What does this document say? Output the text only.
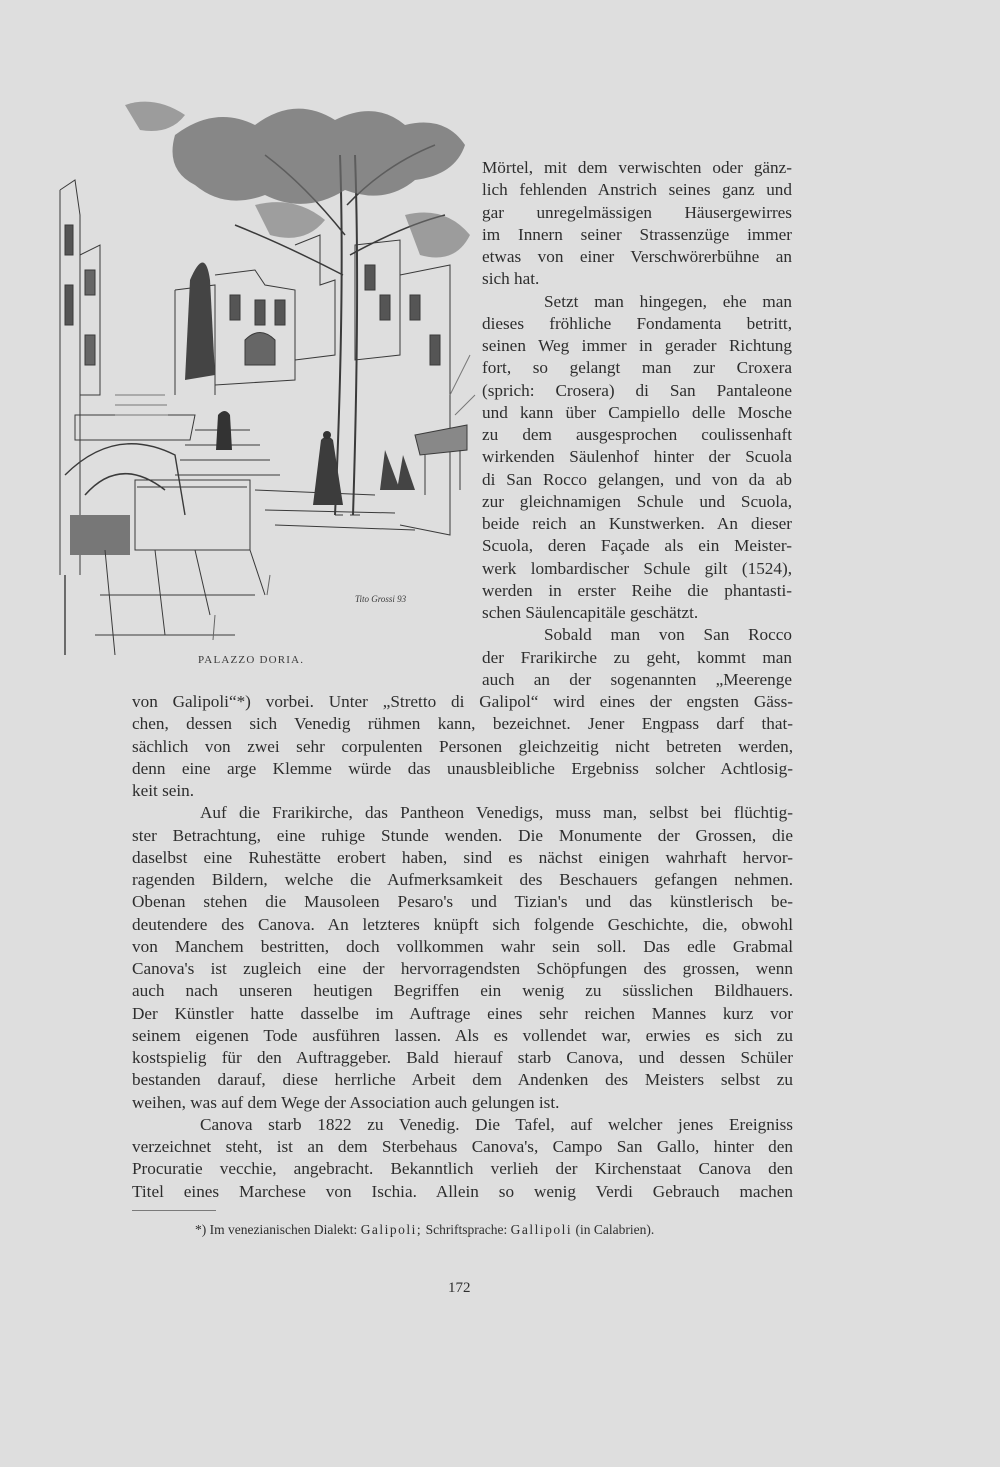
Tito Grossi 93
PALAZZO DORIA.
Mörtel, mit dem verwischten oder gänz-
lich fehlenden Anstrich seines ganz und
gar unregelmässigen Häusergewirres
im Innern seiner Strassenzüge immer
etwas von einer Verschwörerbühne an
sich hat.
Setzt man hingegen, ehe man
dieses fröhliche Fondamenta betritt,
seinen Weg immer in gerader Richtung
fort, so gelangt man zur Croxera
(sprich: Crosera) di San Pantaleone
und kann über Campiello delle Mosche
zu dem ausgesprochen coulissenhaft
wirkenden Säulenhof hinter der Scuola
di San Rocco gelangen, und von da ab
zur gleichnamigen Schule und Scuola,
beide reich an Kunstwerken. An dieser
Scuola, deren Façade als ein Meister-
werk lombardischer Schule gilt (1524),
werden in erster Reihe die phantasti-
schen Säulencapitäle geschätzt.
Sobald man von San Rocco
der Frarikirche zu geht, kommt man
auch an der sogenannten „Meerenge
von Galipoli“*) vorbei. Unter „Stretto di Galipol“ wird eines der engsten Gäss-
chen, dessen sich Venedig rühmen kann, bezeichnet. Jener Engpass darf that-
sächlich von zwei sehr corpulenten Personen gleichzeitig nicht betreten werden,
denn eine arge Klemme würde das unausbleibliche Ergebniss solcher Achtlosig-
keit sein.
Auf die Frarikirche, das Pantheon Venedigs, muss man, selbst bei flüchtig-
ster Betrachtung, eine ruhige Stunde wenden. Die Monumente der Grossen, die
daselbst eine Ruhestätte erobert haben, sind es nächst einigen wahrhaft hervor-
ragenden Bildern, welche die Aufmerksamkeit des Beschauers gefangen nehmen.
Obenan stehen die Mausoleen Pesaro's und Tizian's und das künstlerisch be-
deutendere des Canova. An letzteres knüpft sich folgende Geschichte, die, obwohl
von Manchem bestritten, doch vollkommen wahr sein soll. Das edle Grabmal
Canova's ist zugleich eine der hervorragendsten Schöpfungen des grossen, wenn
auch nach unseren heutigen Begriffen ein wenig zu süsslichen Bildhauers.
Der Künstler hatte dasselbe im Auftrage eines sehr reichen Mannes kurz vor
seinem eigenen Tode ausführen lassen. Als es vollendet war, erwies es sich zu
kostspielig für den Auftraggeber. Bald hierauf starb Canova, und dessen Schüler
bestanden darauf, diese herrliche Arbeit dem Andenken des Meisters selbst zu
weihen, was auf dem Wege der Association auch gelungen ist.
Canova starb 1822 zu Venedig. Die Tafel, auf welcher jenes Ereigniss
verzeichnet steht, ist an dem Sterbehaus Canova's, Campo San Gallo, hinter den
Procuratie vecchie, angebracht. Bekanntlich verlieh der Kirchenstaat Canova den
Titel eines Marchese von Ischia. Allein so wenig Verdi Gebrauch machen
*) Im venezianischen Dialekt: Galipoli; Schriftsprache: Gallipoli (in Calabrien).
172
